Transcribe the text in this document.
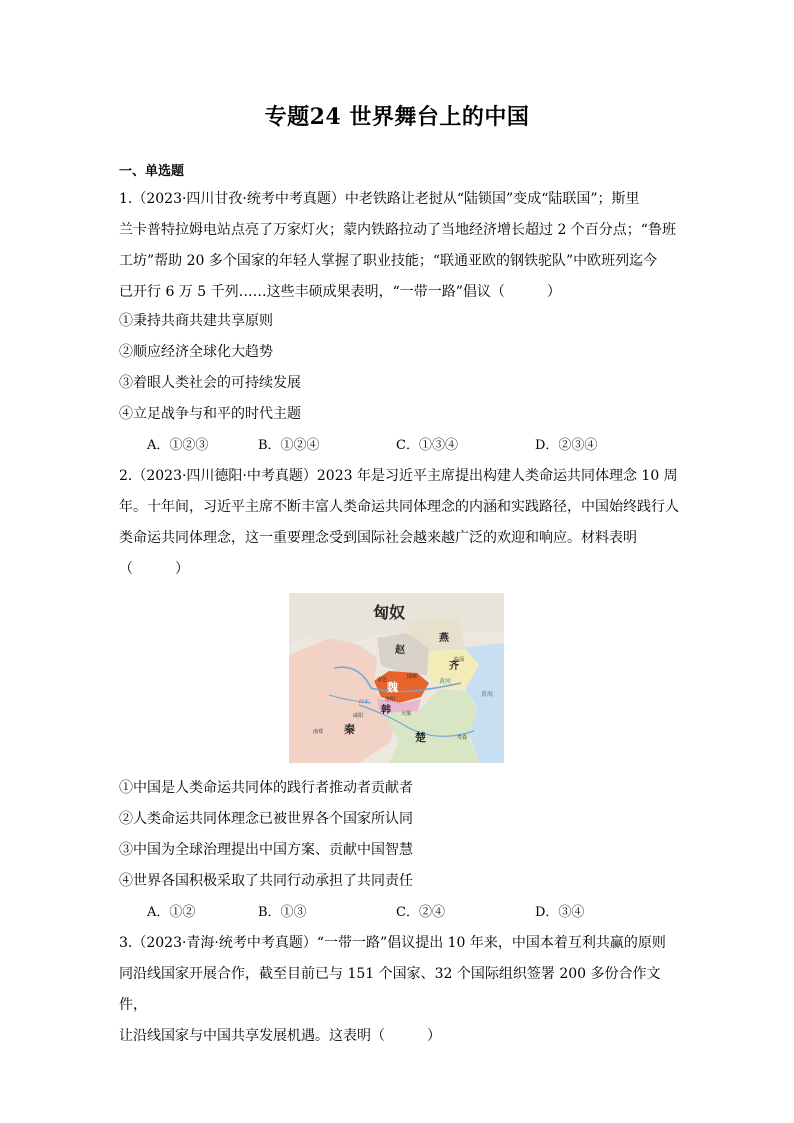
专题24 世界舞台上的中国
一、单选题

1.（2023·四川甘孜·统考中考真题）中老铁路让老挝从“陆锁国”变成“陆联国”；斯里

兰卡普特拉姆电站点亮了万家灯火；蒙内铁路拉动了当地经济增长超过 2 个百分点；“鲁班

工坊”帮助 20 多个国家的年轻人掌握了职业技能；“联通亚欧的钢铁驼队”中欧班列迄今

已开行 6 万 5 千列……这些丰硕成果表明，“一带一路”倡议（　　　）

①秉持共商共建共享原则
②顺应经济全球化大趋势
③着眼人类社会的可持续发展
④立足战争与和平的时代主题
A．①②③	B．①②④	C．①③④	D．②③④

2.（2023·四川德阳·中考真题）2023 年是习近平主席提出构建人类命运共同体理念 10 周

年。十年间，习近平主席不断丰富人类命运共同体理念的内涵和实践路径，中国始终践行人

类命运共同体理念，这一重要理念受到国际社会越来越广泛的欢迎和响应。材料表明

（　　　）

匈奴
燕
赵
齐
魏
韩
秦
楚
黄河
黄海
邯郸
咸阳	大梁
安邑
洛阳
寿春
临淄
南郑
汉水
①中国是人类命运共同体的践行者推动者贡献者
②人类命运共同体理念已被世界各个国家所认同
③中国为全球治理提出中国方案、贡献中国智慧
④世界各国积极采取了共同行动承担了共同责任
A．①②	B．①③	C．②④	D．③④

3.（2023·青海·统考中考真题）“一带一路”倡议提出 10 年来，中国本着互利共赢的原则

同沿线国家开展合作，截至目前已与 151 个国家、32 个国际组织签署 200 多份合作文件，

让沿线国家与中国共享发展机遇。这表明（　　　）
